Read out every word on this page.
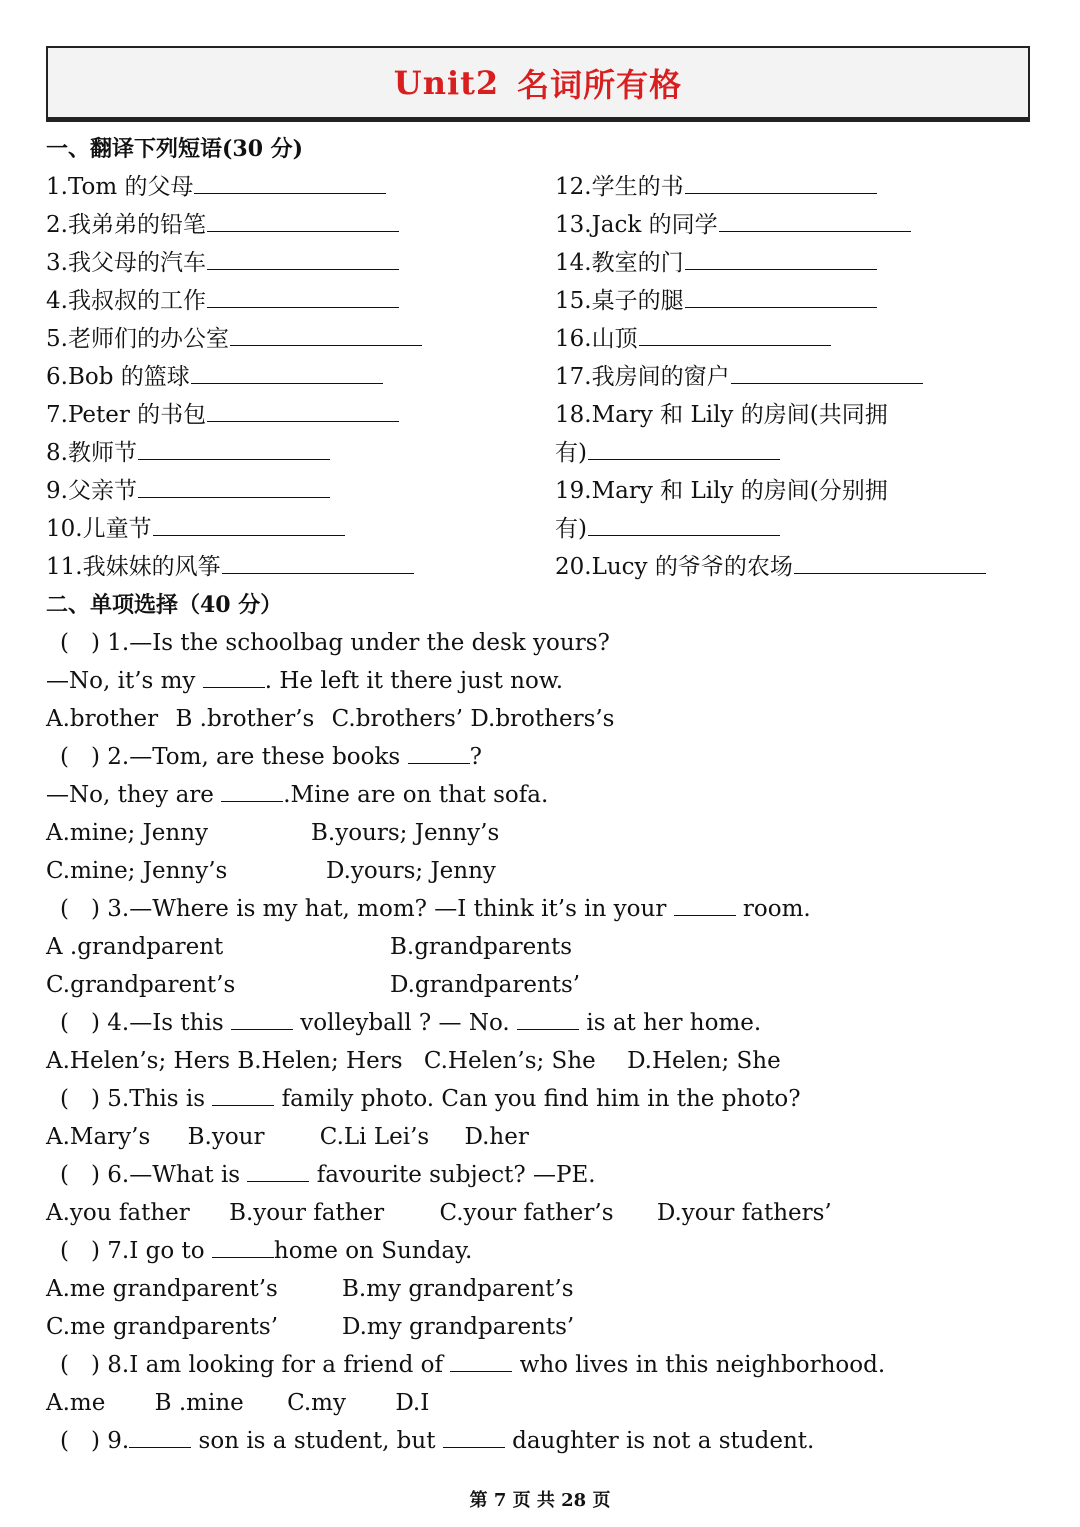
Unit2 名词所有格
一、翻译下列短语(30 分)
1.Tom 的父母
2.我弟弟的铅笔
3.我父母的汽车
4.我叔叔的工作
5.老师们的办公室
6.Bob 的篮球
7.Peter 的书包
8.教师节
9.父亲节
10.儿童节
11.我妹妹的风筝
12.学生的书
13.Jack 的同学
14.教室的门
15.桌子的腿
16.山顶
17.我房间的窗户
18.Mary 和 Lily 的房间(共同拥
有)
19.Mary 和 Lily 的房间(分别拥
有)
20.Lucy 的爷爷的农场
二、单项选择（40 分）
( ) 1.—Is the schoolbag under the desk yours?
—No, it’s my	. He left it there just now.
A.brother B .brother’s C.brothers’ D.brothers’s
( ) 2.—Tom, are these books	?
—No, they are	.Mine are on that sofa.
A.mine; Jenny	B.yours; Jenny’s
C.mine; Jenny’s	D.yours; Jenny
( ) 3.—Where is my hat, mom? —I think it’s in your	room.
A .grandparent	B.grandparents
C.grandparent’s	D.grandparents’
( ) 4.—Is this	volleyball ? — No.	is at her home.
A.Helen’s; Hers B.Helen; Hers C.Helen’s; She D.Helen; She
( ) 5.This is	family photo. Can you find him in the photo?
A.Mary’s B.your C.Li Lei’s D.her
( ) 6.—What is	favourite subject? —PE.
A.you father B.your father C.your father’s D.your fathers’
( ) 7.I go to	home on Sunday.
A.me grandparent’s	B.my grandparent’s
C.me grandparents’	D.my grandparents’
( ) 8.I am looking for a friend of	who lives in this neighborhood.
A.me B .mine C.my D.I
( ) 9.	son is a student, but	daughter is not a student.
第 7 页 共 28 页
